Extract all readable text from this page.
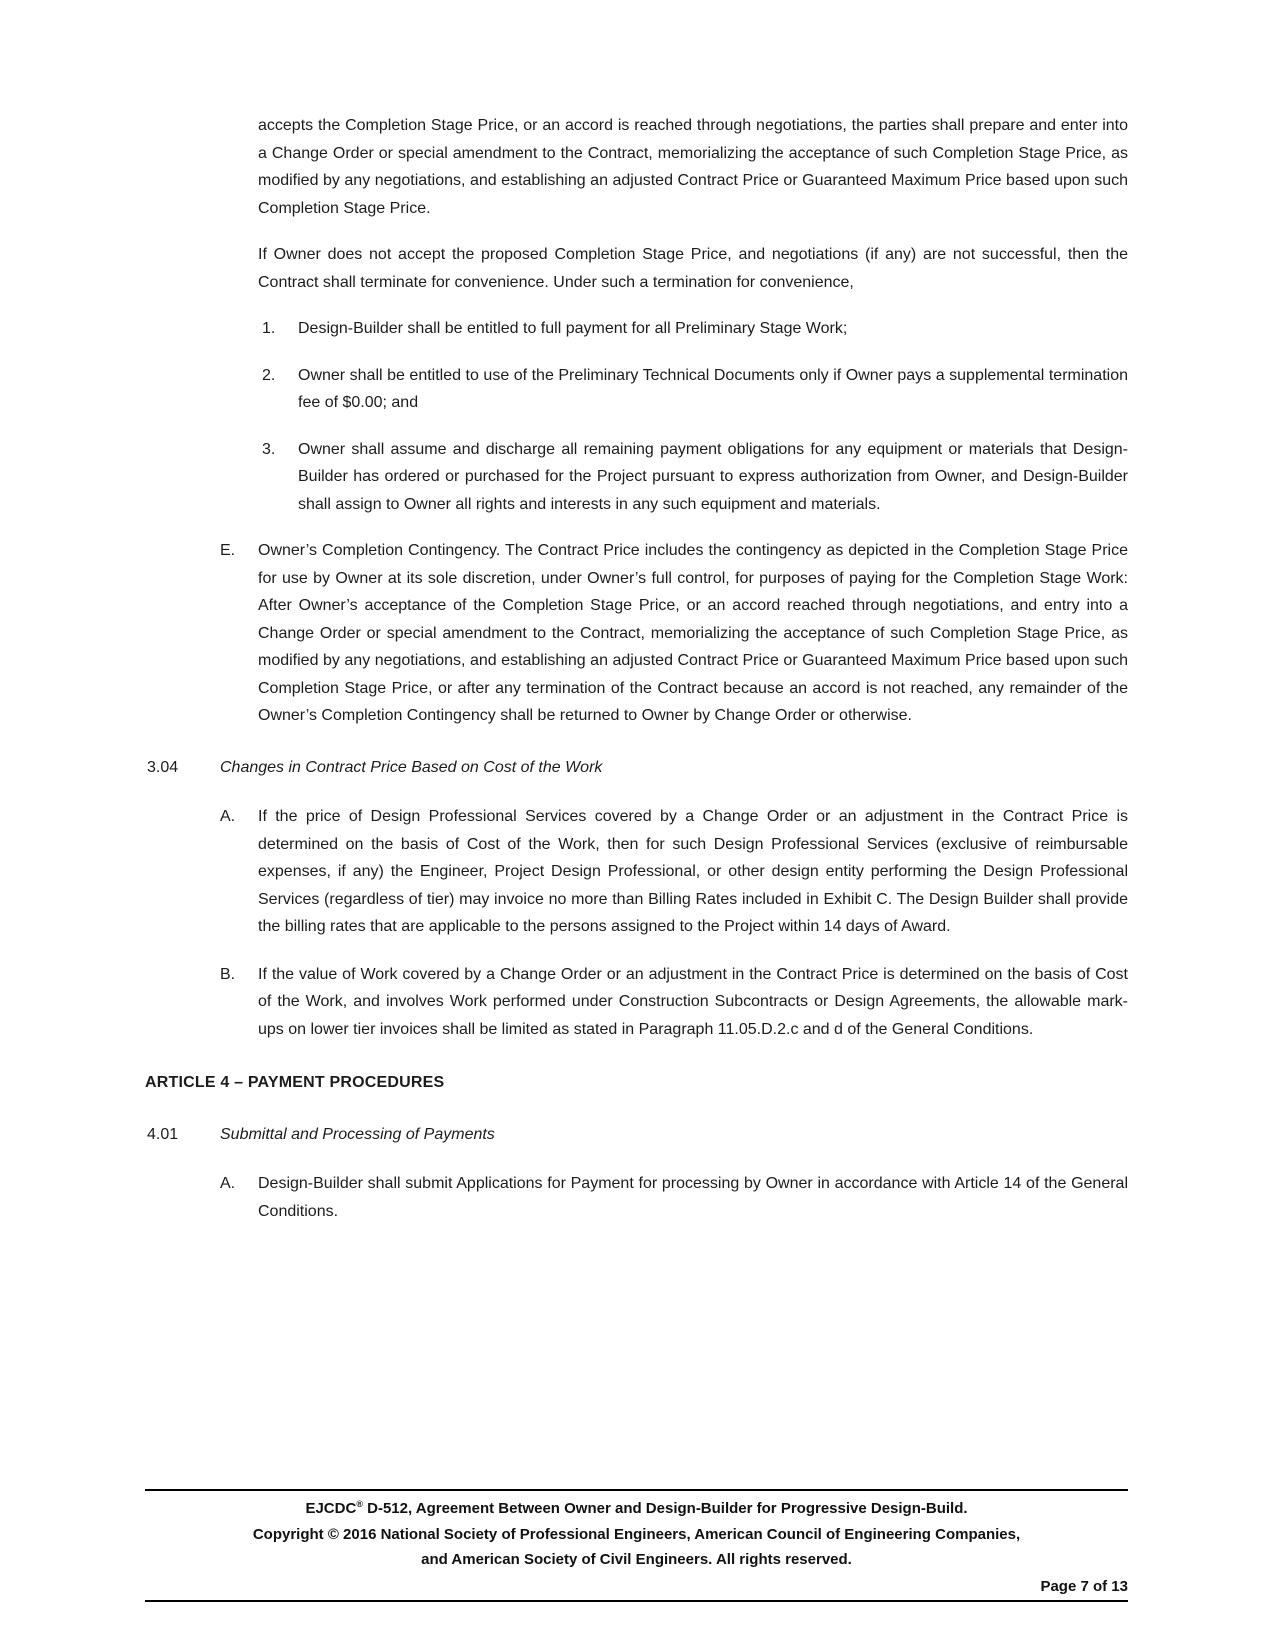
accepts the Completion Stage Price, or an accord is reached through negotiations, the parties shall prepare and enter into a Change Order or special amendment to the Contract, memorializing the acceptance of such Completion Stage Price, as modified by any negotiations, and establishing an adjusted Contract Price or Guaranteed Maximum Price based upon such Completion Stage Price.

If Owner does not accept the proposed Completion Stage Price, and negotiations (if any) are not successful, then the Contract shall terminate for convenience. Under such a termination for convenience,

1.	Design-Builder shall be entitled to full payment for all Preliminary Stage Work;
2.	Owner shall be entitled to use of the Preliminary Technical Documents only if Owner pays a supplemental termination fee of $0.00; and
3.	Owner shall assume and discharge all remaining payment obligations for any equipment or materials that Design-Builder has ordered or purchased for the Project pursuant to express authorization from Owner, and Design-Builder shall assign to Owner all rights and interests in any such equipment and materials.
E.	Owner’s Completion Contingency. The Contract Price includes the contingency as depicted in the Completion Stage Price for use by Owner at its sole discretion, under Owner’s full control, for purposes of paying for the Completion Stage Work: After Owner’s acceptance of the Completion Stage Price, or an accord reached through negotiations, and entry into a Change Order or special amendment to the Contract, memorializing the acceptance of such Completion Stage Price, as modified by any negotiations, and establishing an adjusted Contract Price or Guaranteed Maximum Price based upon such Completion Stage Price, or after any termination of the Contract because an accord is not reached, any remainder of the Owner’s Completion Contingency shall be returned to Owner by Change Order or otherwise.
3.04	Changes in Contract Price Based on Cost of the Work
A.	If the price of Design Professional Services covered by a Change Order or an adjustment in the Contract Price is determined on the basis of Cost of the Work, then for such Design Professional Services (exclusive of reimbursable expenses, if any) the Engineer, Project Design Professional, or other design entity performing the Design Professional Services (regardless of tier) may invoice no more than Billing Rates included in Exhibit C. The Design Builder shall provide the billing rates that are applicable to the persons assigned to the Project within 14 days of Award.
B.	If the value of Work covered by a Change Order or an adjustment in the Contract Price is determined on the basis of Cost of the Work, and involves Work performed under Construction Subcontracts or Design Agreements, the allowable mark-ups on lower tier invoices shall be limited as stated in Paragraph 11.05.D.2.c and d of the General Conditions.
ARTICLE 4 – PAYMENT PROCEDURES
4.01	Submittal and Processing of Payments
A.	Design-Builder shall submit Applications for Payment for processing by Owner in accordance with Article 14 of the General Conditions.
EJCDC® D-512, Agreement Between Owner and Design-Builder for Progressive Design-Build.
Copyright © 2016 National Society of Professional Engineers, American Council of Engineering Companies,
and American Society of Civil Engineers. All rights reserved.
Page 7 of 13
